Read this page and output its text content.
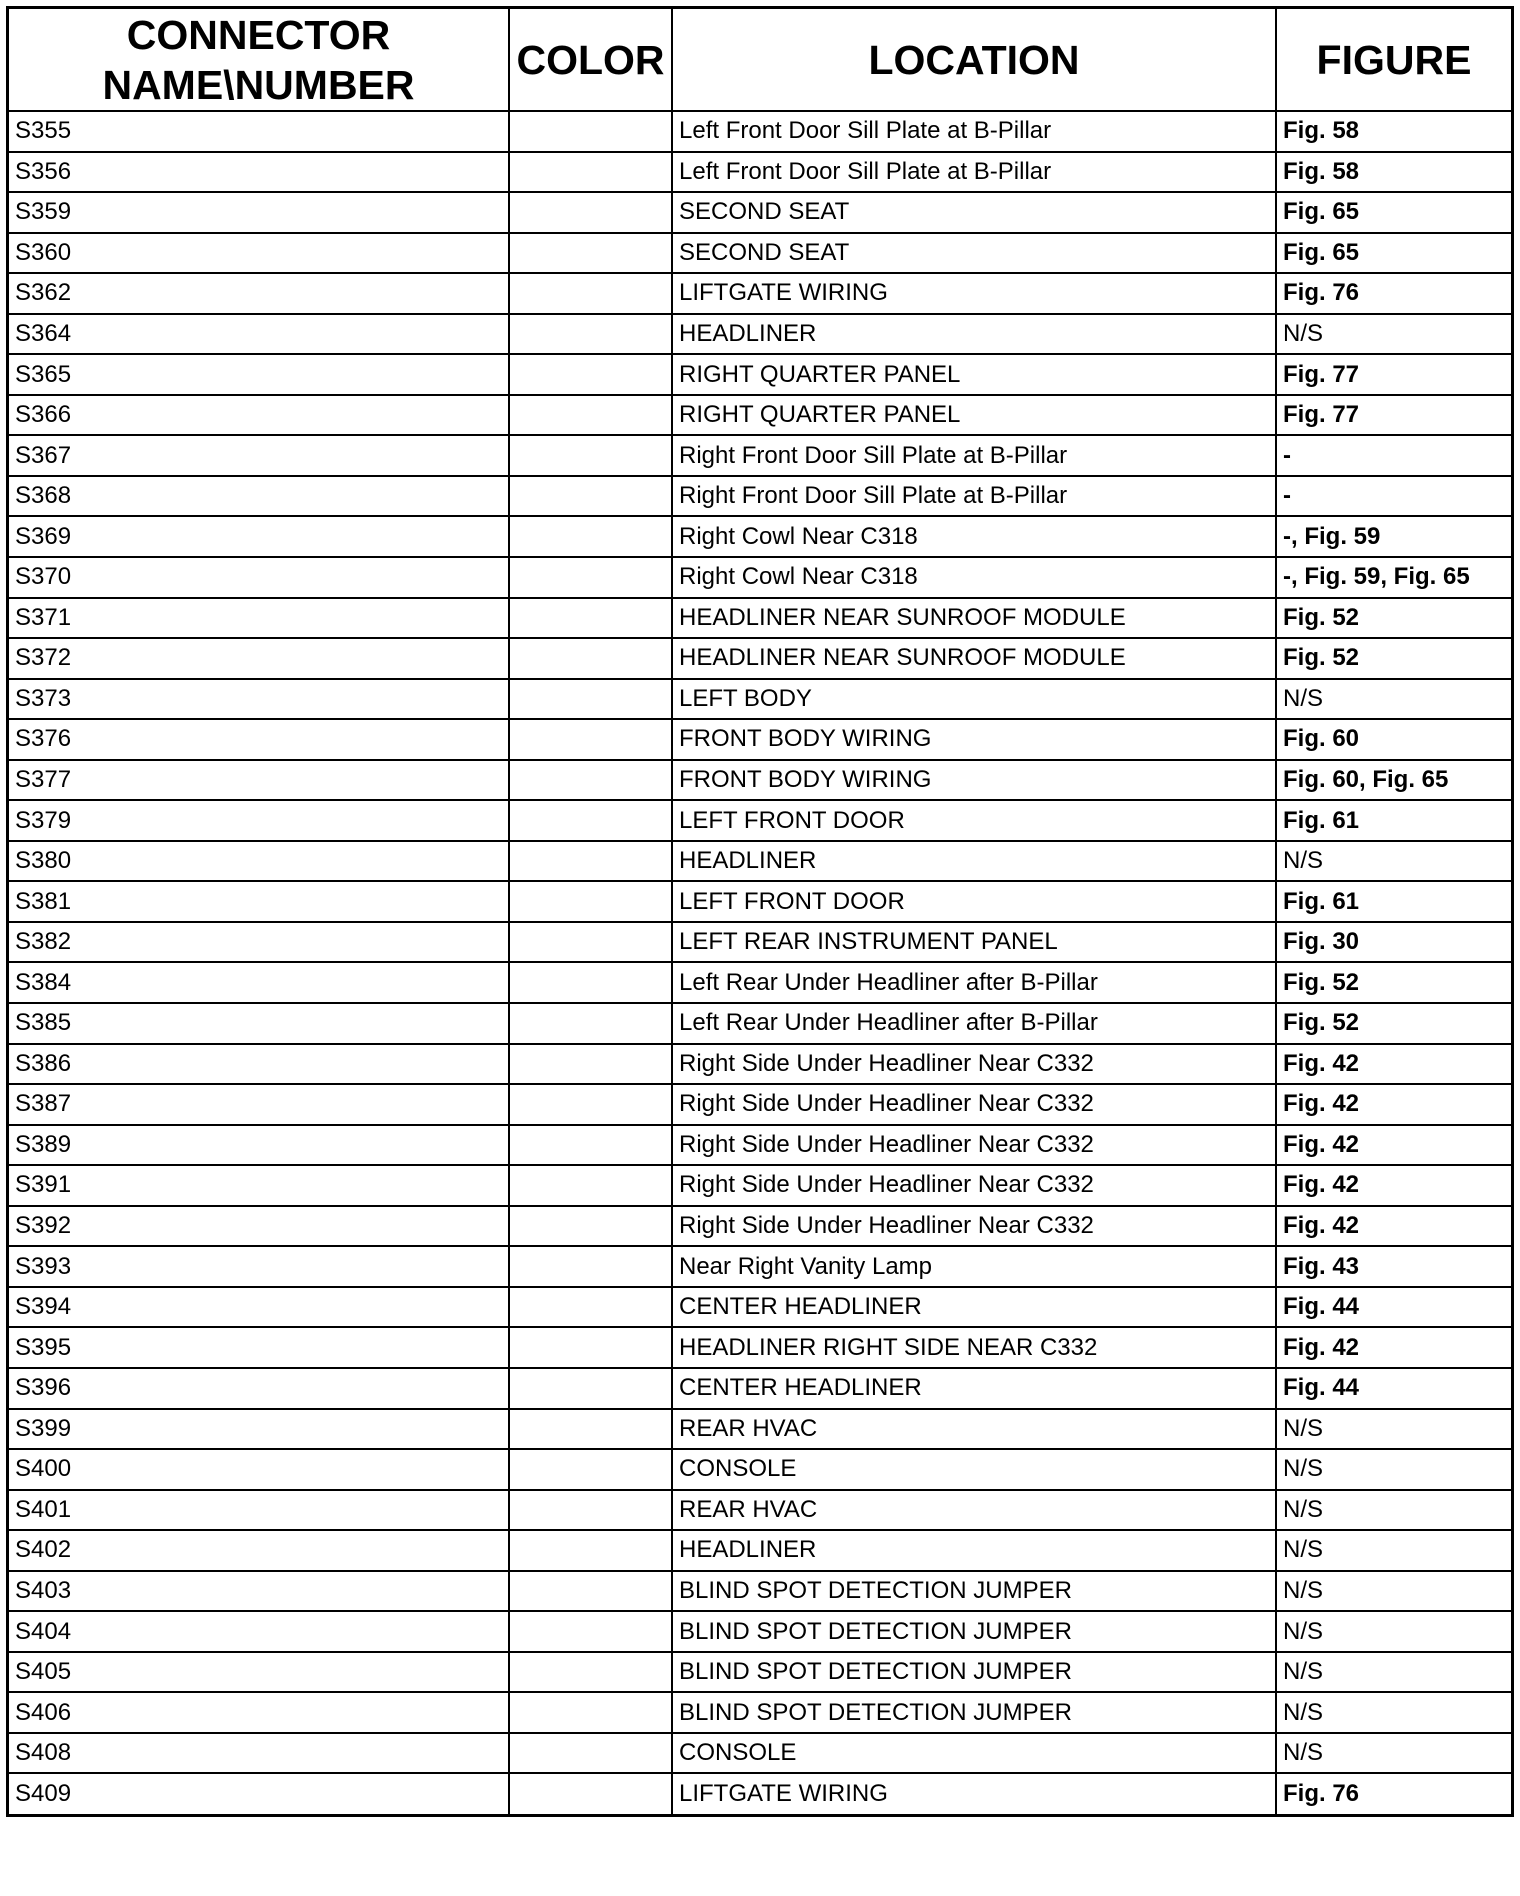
CONNECTOR
NAME\NUMBER	COLOR	LOCATION	FIGURE
S355		Left Front Door Sill Plate at B-Pillar	Fig. 58
S356		Left Front Door Sill Plate at B-Pillar	Fig. 58
S359		SECOND SEAT	Fig. 65
S360		SECOND SEAT	Fig. 65
S362		LIFTGATE WIRING	Fig. 76
S364		HEADLINER	N/S
S365		RIGHT QUARTER PANEL	Fig. 77
S366		RIGHT QUARTER PANEL	Fig. 77
S367		Right Front Door Sill Plate at B-Pillar	-
S368		Right Front Door Sill Plate at B-Pillar	-
S369		Right Cowl Near C318	-, Fig. 59
S370		Right Cowl Near C318	-, Fig. 59, Fig. 65
S371		HEADLINER NEAR SUNROOF MODULE	Fig. 52
S372		HEADLINER NEAR SUNROOF MODULE	Fig. 52
S373		LEFT BODY	N/S
S376		FRONT BODY WIRING	Fig. 60
S377		FRONT BODY WIRING	Fig. 60, Fig. 65
S379		LEFT FRONT DOOR	Fig. 61
S380		HEADLINER	N/S
S381		LEFT FRONT DOOR	Fig. 61
S382		LEFT REAR INSTRUMENT PANEL	Fig. 30
S384		Left Rear Under Headliner after B-Pillar	Fig. 52
S385		Left Rear Under Headliner after B-Pillar	Fig. 52
S386		Right Side Under Headliner Near C332	Fig. 42
S387		Right Side Under Headliner Near C332	Fig. 42
S389		Right Side Under Headliner Near C332	Fig. 42
S391		Right Side Under Headliner Near C332	Fig. 42
S392		Right Side Under Headliner Near C332	Fig. 42
S393		Near Right Vanity Lamp	Fig. 43
S394		CENTER HEADLINER	Fig. 44
S395		HEADLINER RIGHT SIDE NEAR C332	Fig. 42
S396		CENTER HEADLINER	Fig. 44
S399		REAR HVAC	N/S
S400		CONSOLE	N/S
S401		REAR HVAC	N/S
S402		HEADLINER	N/S
S403		BLIND SPOT DETECTION JUMPER	N/S
S404		BLIND SPOT DETECTION JUMPER	N/S
S405		BLIND SPOT DETECTION JUMPER	N/S
S406		BLIND SPOT DETECTION JUMPER	N/S
S408		CONSOLE	N/S
S409		LIFTGATE WIRING	Fig. 76
